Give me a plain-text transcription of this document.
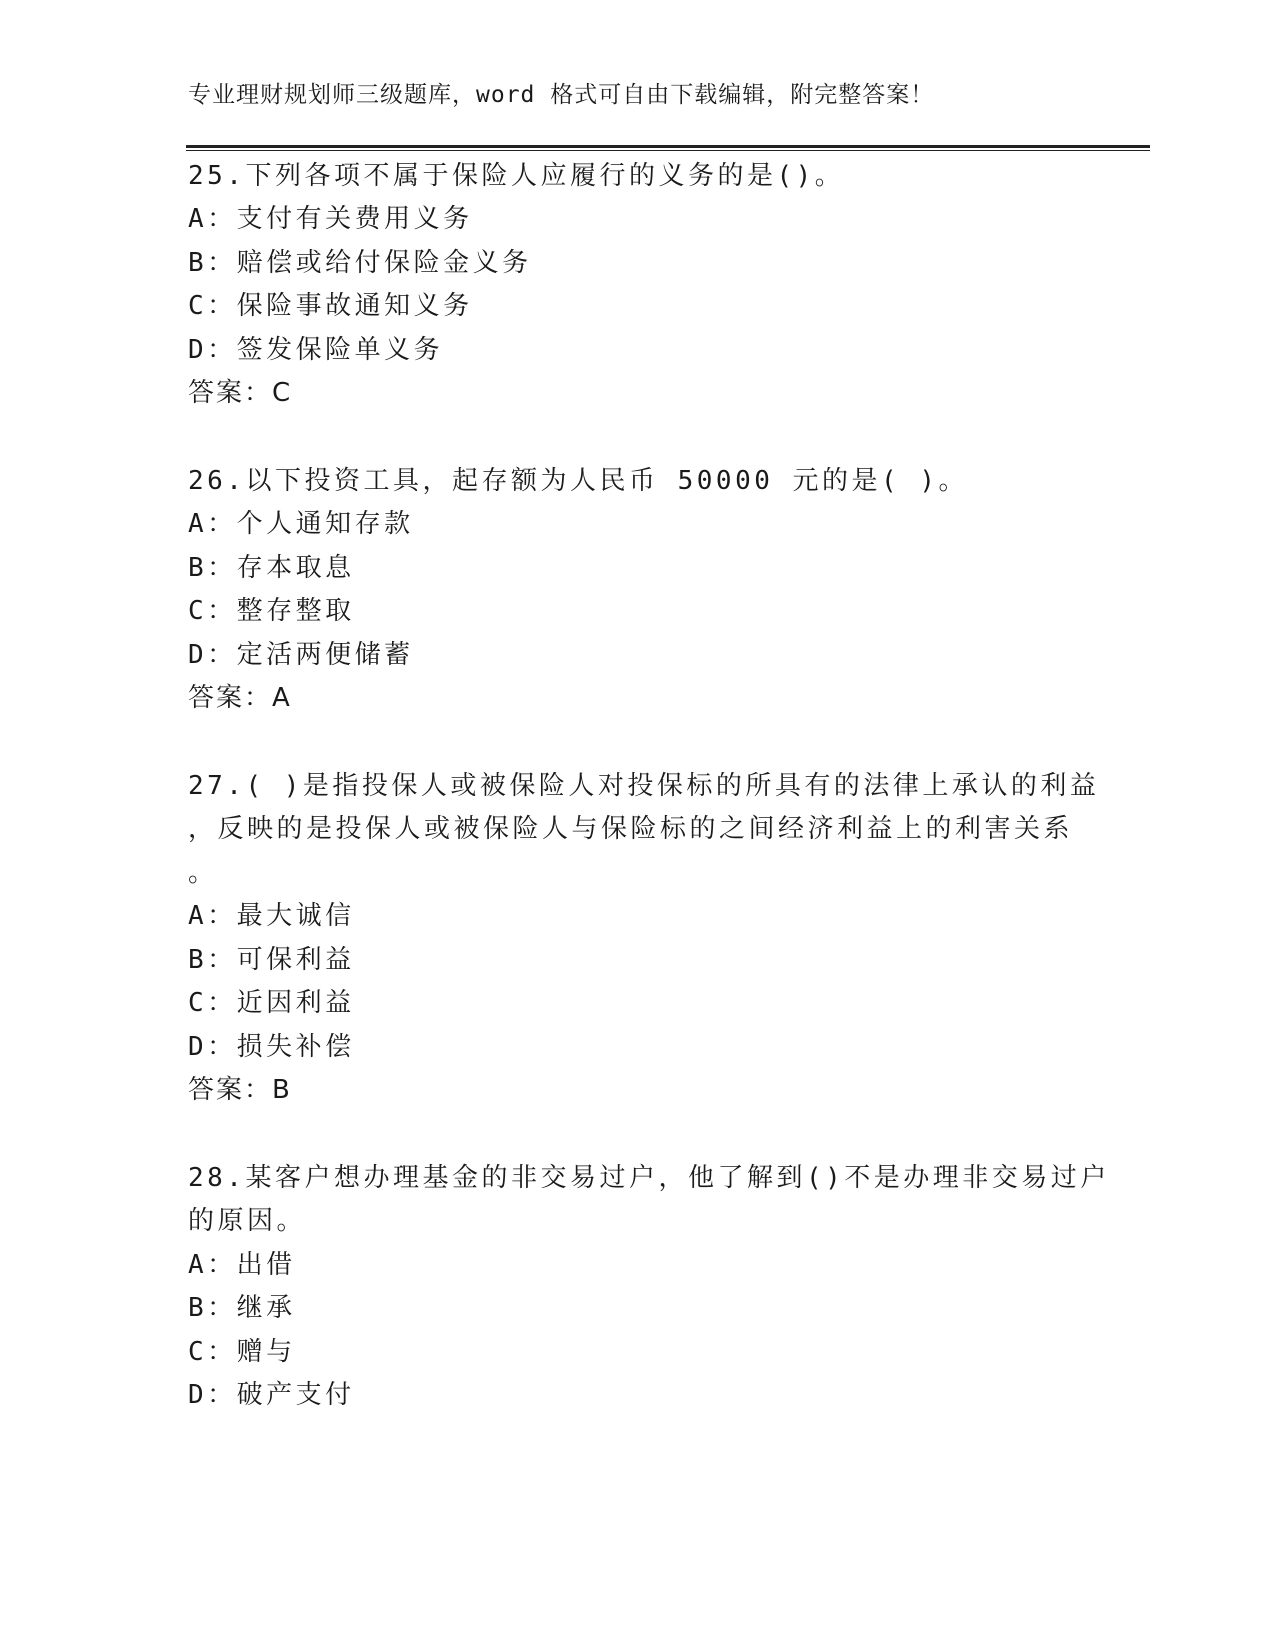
专业理财规划师三级题库，word 格式可自由下载编辑，附完整答案！
25.下列各项不属于保险人应履行的义务的是()。
A：支付有关费用义务
B：赔偿或给付保险金义务
C：保险事故通知义务
D：签发保险单义务
答案：C
26.以下投资工具，起存额为人民币 50000 元的是( )。
A：个人通知存款
B：存本取息
C：整存整取
D：定活两便储蓄
答案：A
27.( )是指投保人或被保险人对投保标的所具有的法律上承认的利益
，反映的是投保人或被保险人与保险标的之间经济利益上的利害关系
。
A：最大诚信
B：可保利益
C：近因利益
D：损失补偿
答案：B
28.某客户想办理基金的非交易过户，他了解到()不是办理非交易过户
的原因。
A：出借
B：继承
C：赠与
D：破产支付
